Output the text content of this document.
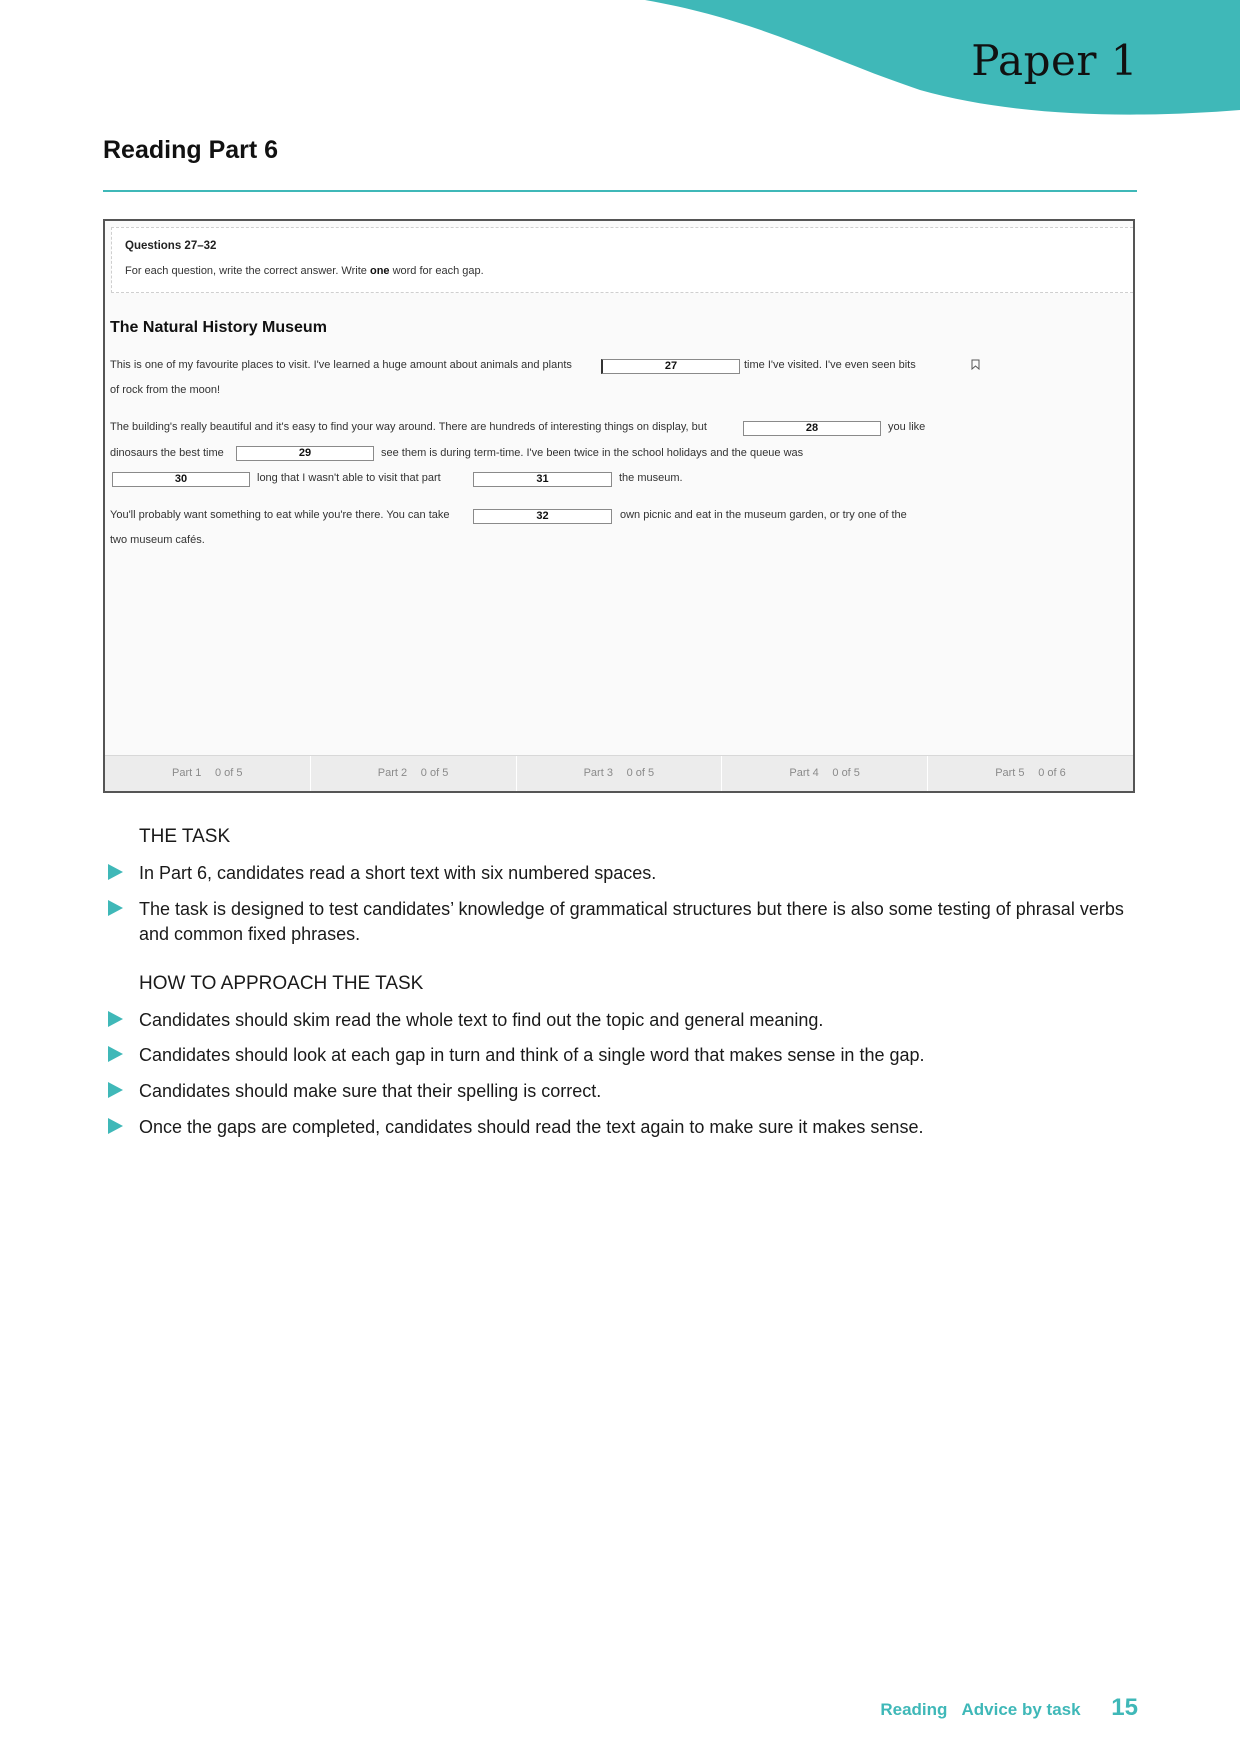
Paper 1
Reading Part 6
Questions 27–32
For each question, write the correct answer. Write one word for each gap.
The Natural History Museum
This is one of my favourite places to visit. I've learned a huge amount about animals and plants	27	time I've visited. I've even seen bits
of rock from the moon!
The building's really beautiful and it's easy to find your way around. There are hundreds of interesting things on display, but	28	you like
dinosaurs the best time	29	see them is during term-time. I've been twice in the school holidays and the queue was
30	long that I wasn't able to visit that part	31	the museum.
You'll probably want something to eat while you're there. You can take	32	own picnic and eat in the museum garden, or try one of the
two museum cafés.
Part 1 0 of 5	Part 2 0 of 5	Part 3 0 of 5	Part 4 0 of 5	Part 5 0 of 6
THE TASK
In Part 6, candidates read a short text with six numbered spaces.
The task is designed to test candidates’ knowledge of grammatical structures but there is also some testing of phrasal verbs and common fixed phrases.
HOW TO APPROACH THE TASK
Candidates should skim read the whole text to find out the topic and general meaning.
Candidates should look at each gap in turn and think of a single word that makes sense in the gap.
Candidates should make sure that their spelling is correct.
Once the gaps are completed, candidates should read the text again to make sure it makes sense.
Reading Advice by task 15
